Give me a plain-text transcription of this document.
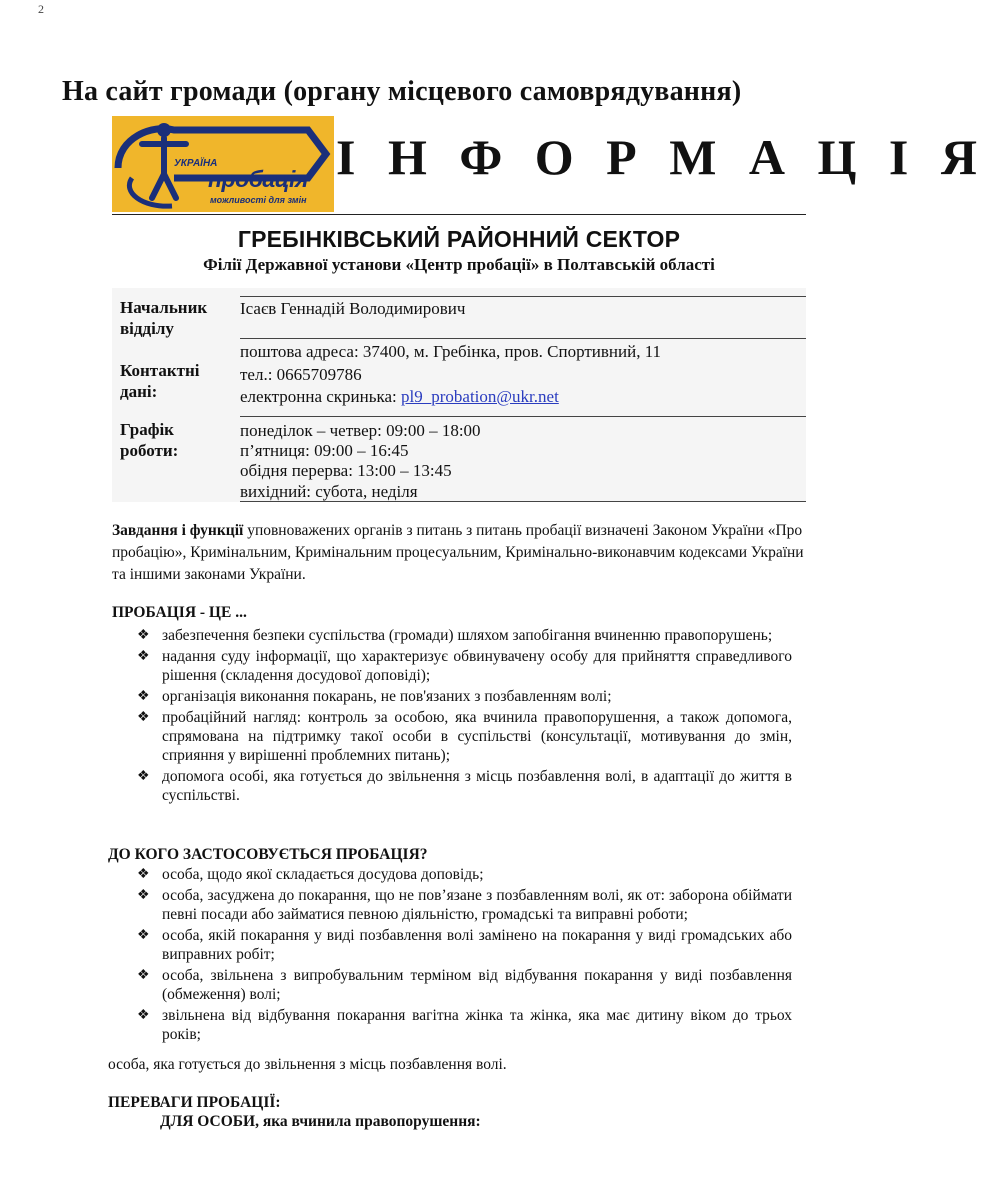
2
На сайт громади (органу місцевого самоврядування)
УКРАЇНА
пробація
можливості для змін
І Н Ф О Р М А Ц І Я
ГРЕБІНКІВСЬКИЙ РАЙОННИЙ СЕКТОР

Філії Державної установи «Центр пробації» в Полтавській області

Начальник відділу
Ісаєв Геннадій Володимирович
Контактні дані:
поштова адреса: 37400, м. Гребінка, пров. Спортивний, 11
тел.: 0665709786
електронна скринька: pl9_probation@ukr.net
Графік роботи:
понеділок – четвер: 09:00 – 18:00
п’ятниця: 09:00 – 16:45
обідня перерва: 13:00 – 13:45
вихідний: субота, неділя

Завдання і функції уповноважених органів з питань з питань пробації визначені Законом України «Про пробацію», Кримінальним, Кримінальним процесуальним, Кримінально-виконавчим кодексами України та іншими законами України.

ПРОБАЦІЯ - ЦЕ ...

❖ забезпечення безпеки суспільства (громади) шляхом запобігання вчиненню правопорушень;
❖ надання суду інформації, що характеризує обвинувачену особу для прийняття справедливого рішення (складення досудової доповіді);
❖ організація виконання покарань, не пов'язаних з позбавленням волі;
❖ пробаційний нагляд: контроль за особою, яка вчинила правопорушення, а також допомога, спрямована на підтримку такої особи в суспільстві (консультації, мотивування до змін, сприяння у вирішенні проблемних питань);
❖ допомога особі, яка готується до звільнення з місць позбавлення волі, в адаптації до життя в суспільстві.

ДО КОГО ЗАСТОСОВУЄТЬСЯ ПРОБАЦІЯ?

❖ особа, щодо якої складається досудова доповідь;
❖ особа, засуджена до покарання, що не пов’язане з позбавленням волі, як от: заборона обіймати певні посади або займатися певною діяльністю, громадські та виправні роботи;
❖ особа, якій покарання у виді позбавлення волі замінено на покарання у виді громадських або виправних робіт;
❖ особа, звільнена з випробувальним терміном від відбування покарання у виді позбавлення (обмеження) волі;
❖ звільнена від відбування покарання вагітна жінка та жінка, яка має дитину віком до трьох років;

особа, яка готується до звільнення з місць позбавлення волі.

ПЕРЕВАГИ ПРОБАЦІЇ:

ДЛЯ ОСОБИ, яка вчинила правопорушення:
